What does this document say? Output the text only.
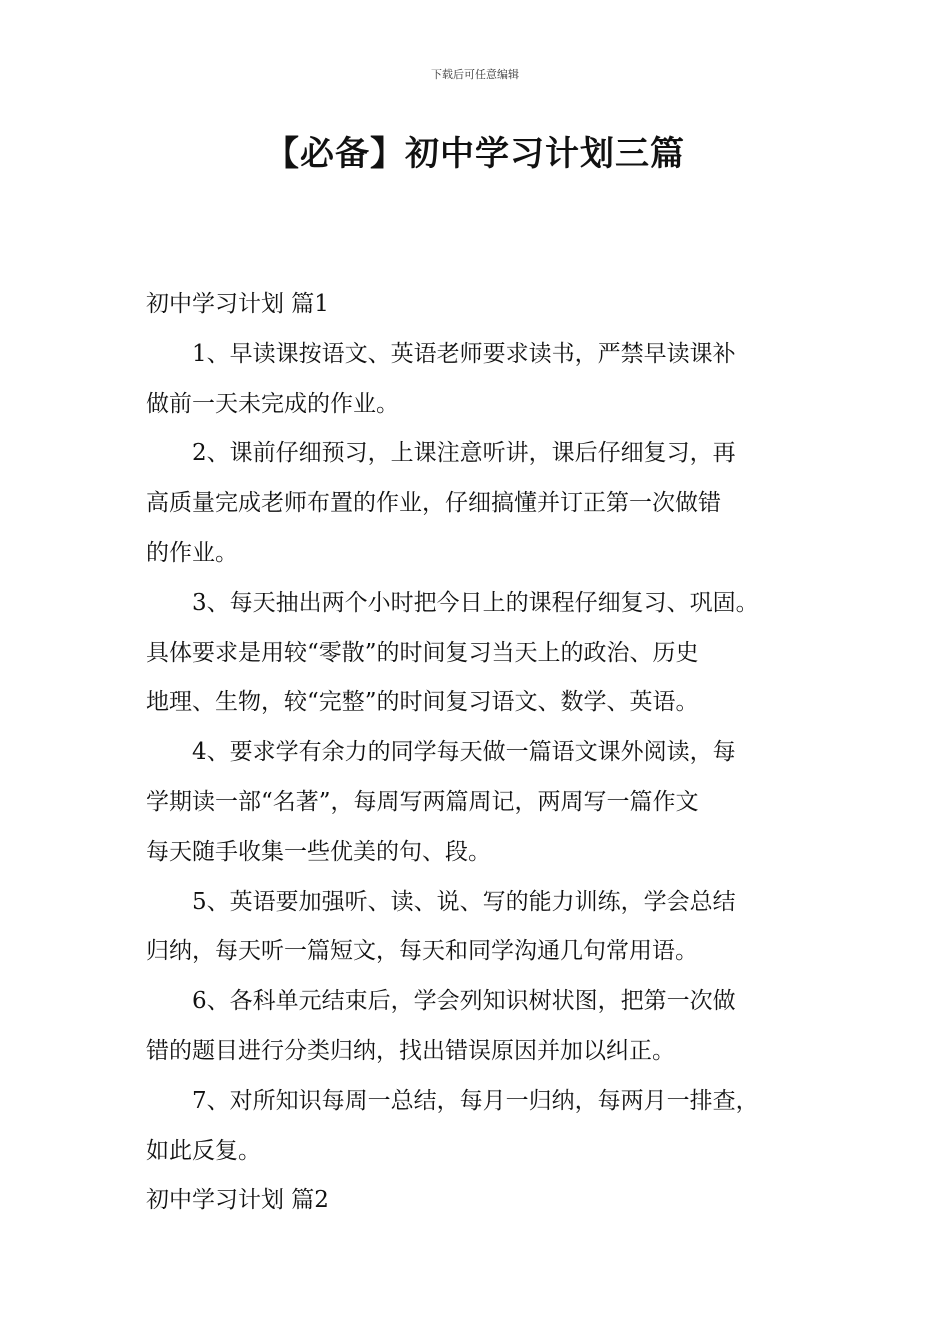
下载后可任意编辑
【必备】初中学习计划三篇
初中学习计划 篇1
1、早读课按语文、英语老师要求读书，严禁早读课补
做前一天未完成的作业。
2、课前仔细预习，上课注意听讲，课后仔细复习，再
高质量完成老师布置的作业，仔细搞懂并订正第一次做错
的作业。
3、每天抽出两个小时把今日上的课程仔细复习、巩固。
具体要求是用较“零散”的时间复习当天上的政治、历史
地理、生物，较“完整”的时间复习语文、数学、英语。
4、要求学有余力的同学每天做一篇语文课外阅读，每
学期读一部“名著”，每周写两篇周记，两周写一篇作文
每天随手收集一些优美的句、段。
5、英语要加强听、读、说、写的能力训练，学会总结
归纳，每天听一篇短文，每天和同学沟通几句常用语。
6、各科单元结束后，学会列知识树状图，把第一次做
错的题目进行分类归纳，找出错误原因并加以纠正。
7、对所知识每周一总结，每月一归纳，每两月一排查，
如此反复。
初中学习计划 篇2
